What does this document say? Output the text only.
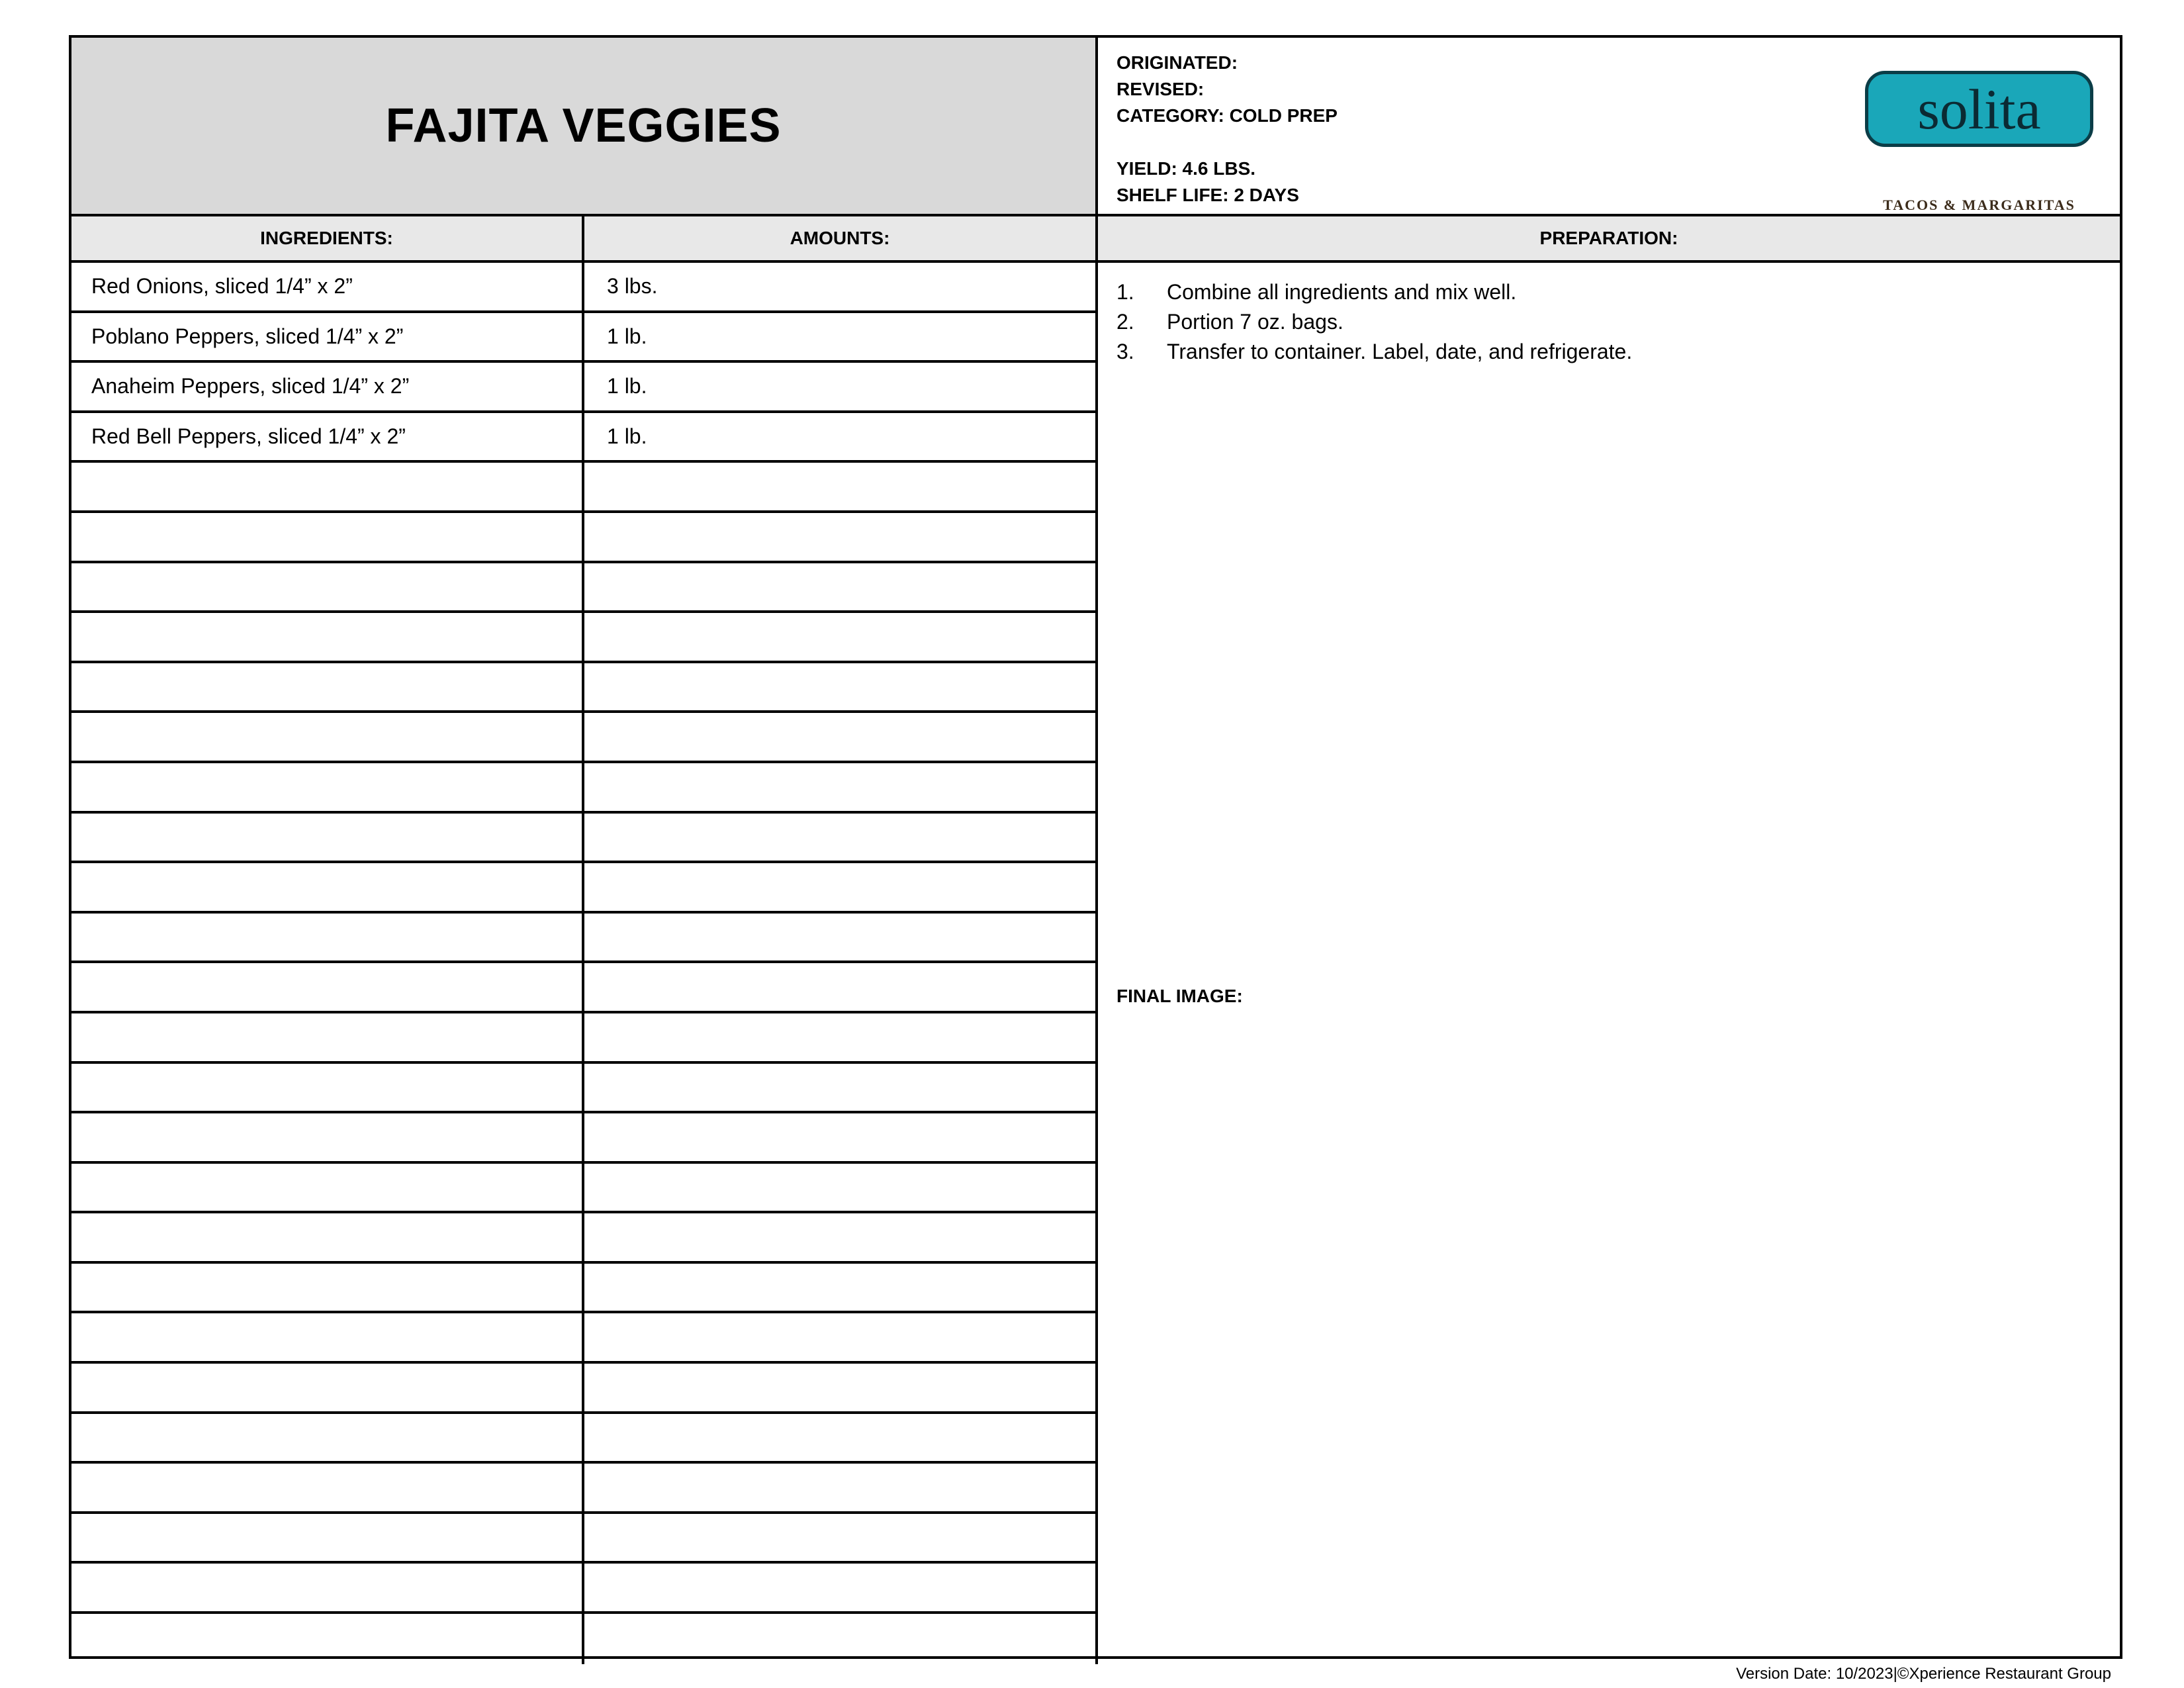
FAJITA VEGGIES
ORIGINATED:
REVISED:
CATEGORY: COLD PREP
YIELD: 4.6 LBS.
SHELF LIFE: 2 DAYS
solita
TACOS & MARGARITAS
INGREDIENTS:	AMOUNTS:	PREPARATION:
Red Onions, sliced 1/4” x 2”	3 lbs.
Poblano Peppers, sliced 1/4” x 2”	1 lb.
Anaheim Peppers, sliced 1/4” x 2”	1 lb.
Red Bell Peppers, sliced 1/4” x 2”	1 lb.
1.	Combine all ingredients and mix well.
2.	Portion 7 oz. bags.
3.	Transfer to container. Label, date, and refrigerate.
FINAL IMAGE:
Version Date: 10/2023|©Xperience Restaurant Group
